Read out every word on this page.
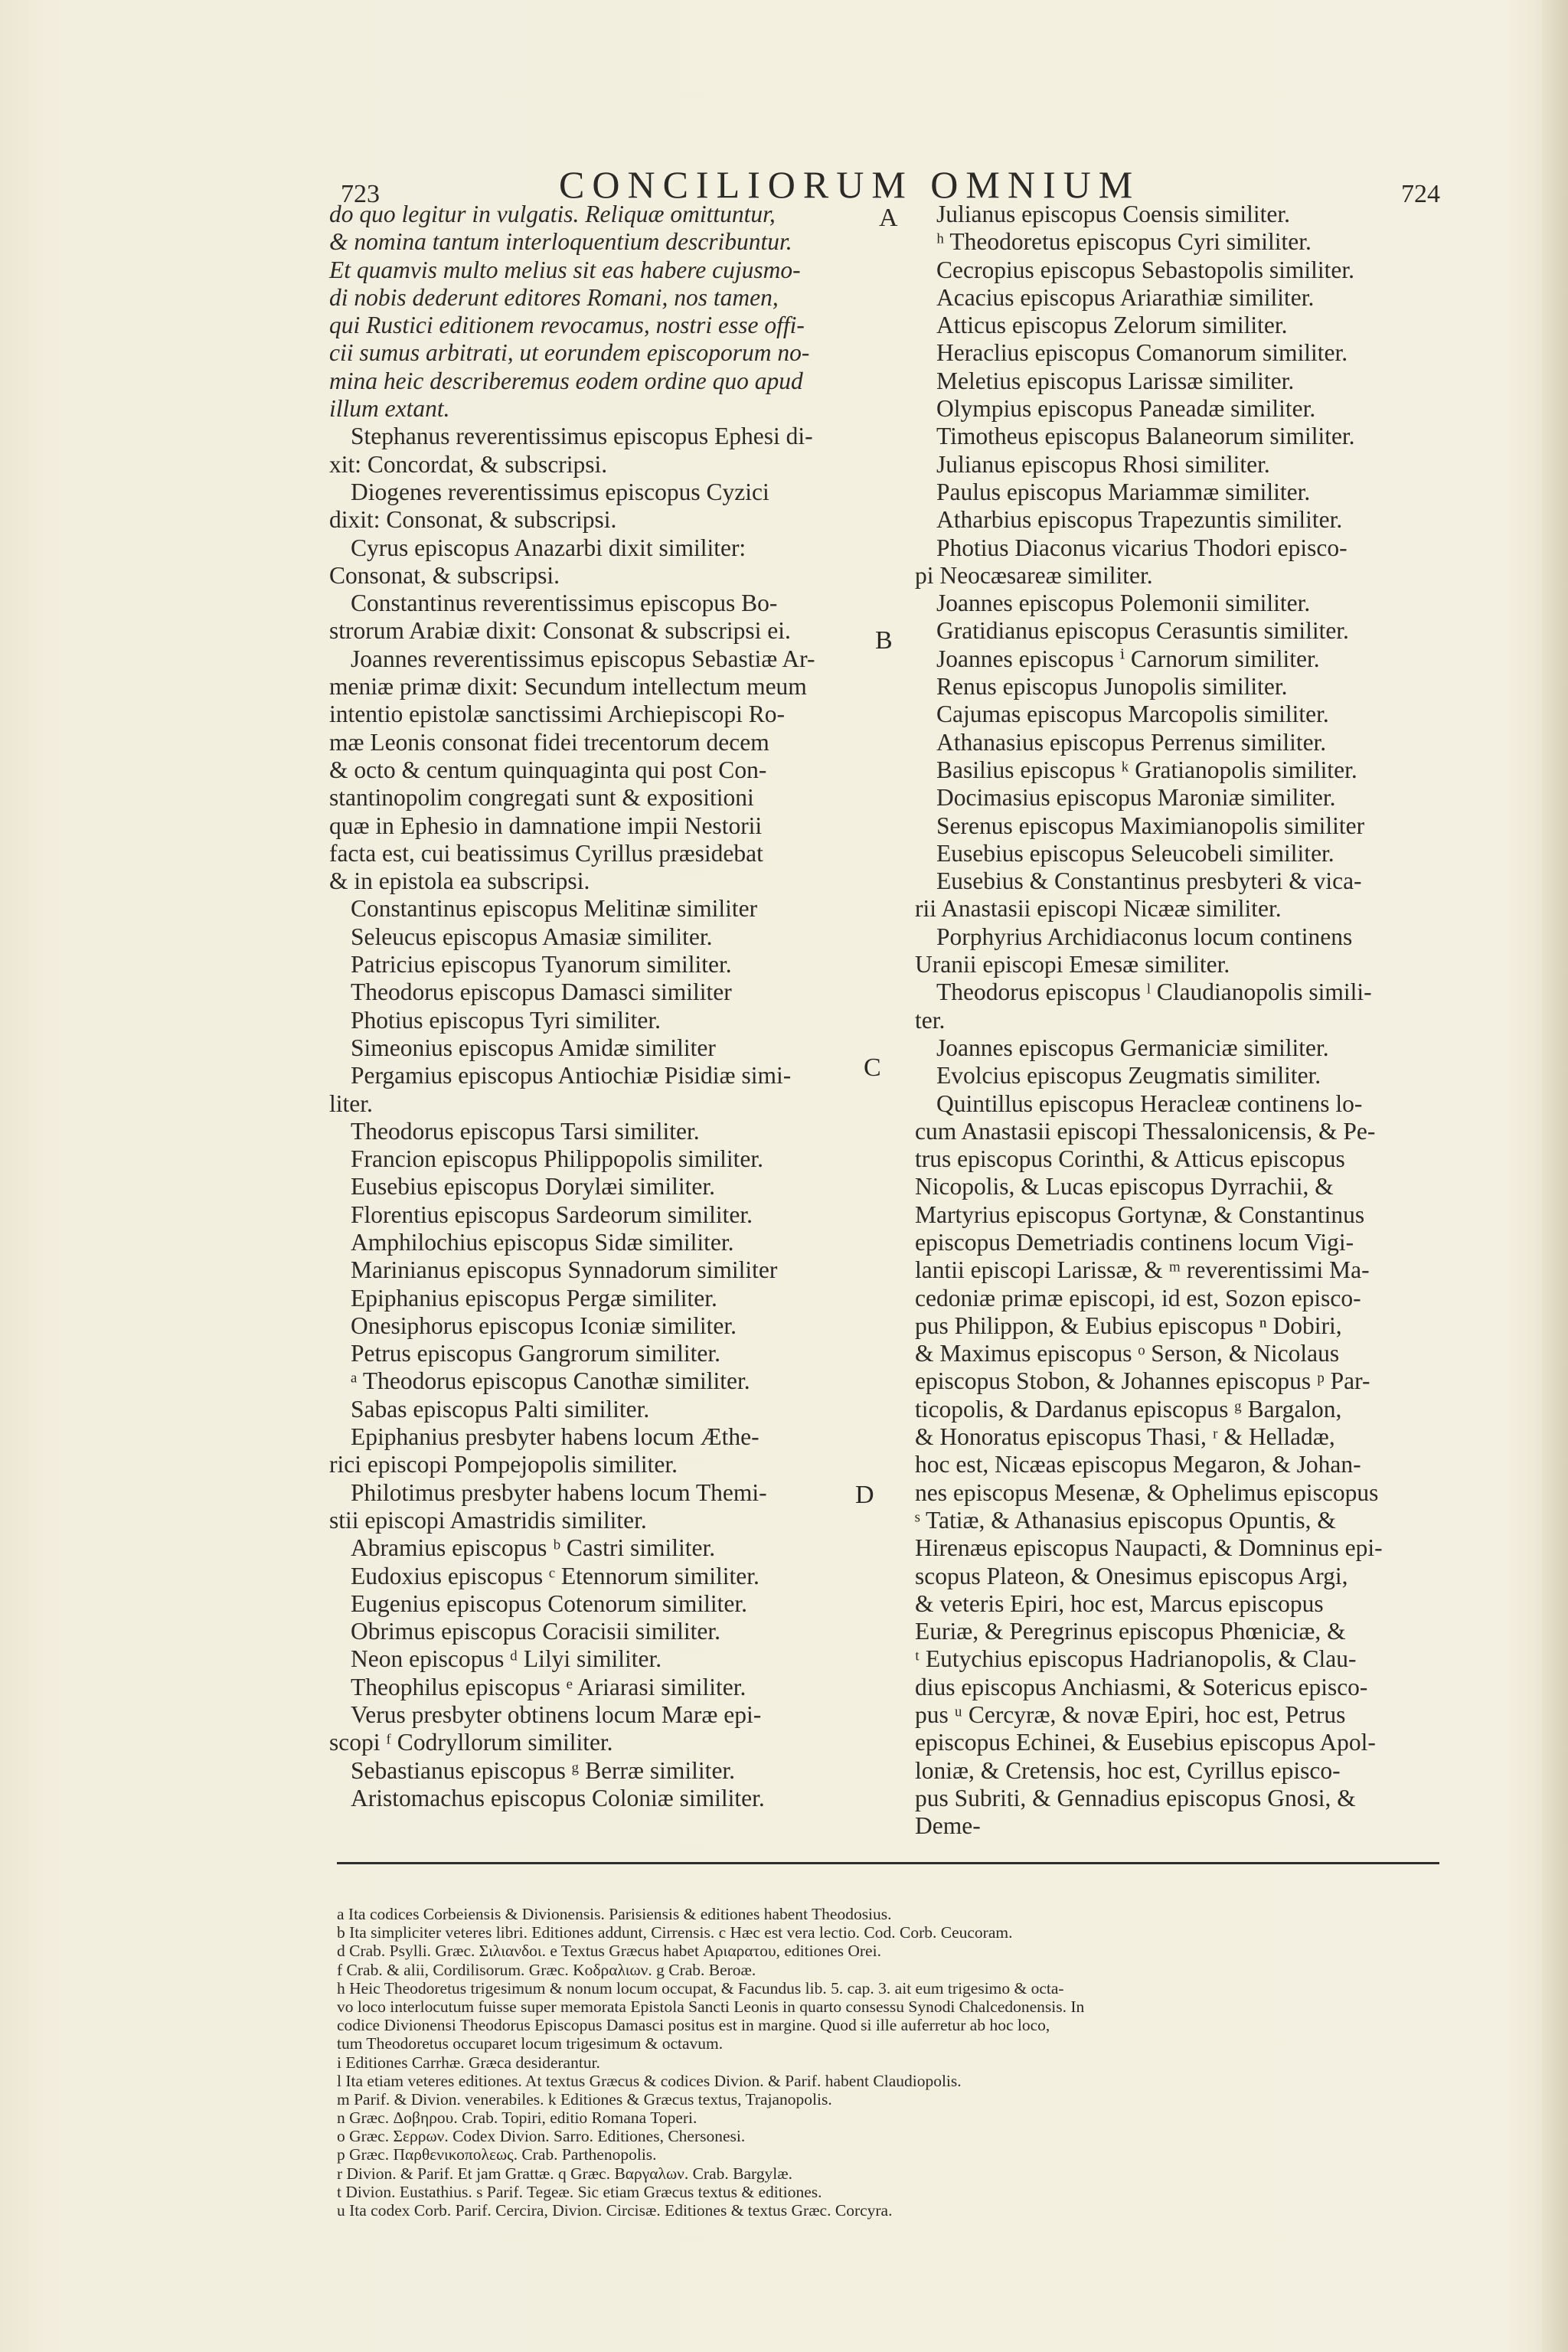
723	CONCILIORUM OMNIUM	724
do quo legitur in vulgatis. Reliquæ omittuntur,
& nomina tantum interloquentium describuntur.
Et quamvis multo melius sit eas habere cujusmo-
di nobis dederunt editores Romani, nos tamen,
qui Rustici editionem revocamus, nostri esse offi-
cii sumus arbitrati, ut eorundem episcoporum no-
mina heic describeremus eodem ordine quo apud
illum extant.
Stephanus reverentissimus episcopus Ephesi di-
xit: Concordat, & subscripsi.
Diogenes reverentissimus episcopus Cyzici
dixit: Consonat, & subscripsi.
Cyrus episcopus Anazarbi dixit similiter:
Consonat, & subscripsi.
Constantinus reverentissimus episcopus Bo-
strorum Arabiæ dixit: Consonat & subscripsi ei.
Joannes reverentissimus episcopus Sebastiæ Ar-
meniæ primæ dixit: Secundum intellectum meum
intentio epistolæ sanctissimi Archiepiscopi Ro-
mæ Leonis consonat fidei trecentorum decem
& octo & centum quinquaginta qui post Con-
stantinopolim congregati sunt & expositioni
quæ in Ephesio in damnatione impii Nestorii
facta est, cui beatissimus Cyrillus præsidebat
& in epistola ea subscripsi.
Constantinus episcopus Melitinæ similiter
Seleucus episcopus Amasiæ similiter.
Patricius episcopus Tyanorum similiter.
Theodorus episcopus Damasci similiter
Photius episcopus Tyri similiter.
Simeonius episcopus Amidæ similiter
Pergamius episcopus Antiochiæ Pisidiæ simi-
liter.
Theodorus episcopus Tarsi similiter.
Francion episcopus Philippopolis similiter.
Eusebius episcopus Dorylæi similiter.
Florentius episcopus Sardeorum similiter.
Amphilochius episcopus Sidæ similiter.
Marinianus episcopus Synnadorum similiter
Epiphanius episcopus Pergæ similiter.
Onesiphorus episcopus Iconiæ similiter.
Petrus episcopus Gangrorum similiter.
ᵃ Theodorus episcopus Canothæ similiter.
Sabas episcopus Palti similiter.
Epiphanius presbyter habens locum Æthe-
rici episcopi Pompejopolis similiter.
Philotimus presbyter habens locum Themi-
stii episcopi Amastridis similiter.
Abramius episcopus ᵇ Castri similiter.
Eudoxius episcopus ᶜ Etennorum similiter.
Eugenius episcopus Cotenorum similiter.
Obrimus episcopus Coracisii similiter.
Neon episcopus ᵈ Lilyi similiter.
Theophilus episcopus ᵉ Ariarasi similiter.
Verus presbyter obtinens locum Maræ epi-
scopi ᶠ Codryllorum similiter.
Sebastianus episcopus ᵍ Berræ similiter.
Aristomachus episcopus Coloniæ similiter.
Julianus episcopus Coensis similiter.
ʰ Theodoretus episcopus Cyri similiter.
Cecropius episcopus Sebastopolis similiter.
Acacius episcopus Ariarathiæ similiter.
Atticus episcopus Zelorum similiter.
Heraclius episcopus Comanorum similiter.
Meletius episcopus Larissæ similiter.
Olympius episcopus Paneadæ similiter.
Timotheus episcopus Balaneorum similiter.
Julianus episcopus Rhosi similiter.
Paulus episcopus Mariammæ similiter.
Atharbius episcopus Trapezuntis similiter.
Photius Diaconus vicarius Thodori episco-
pi Neocæsareæ similiter.
Joannes episcopus Polemonii similiter.
Gratidianus episcopus Cerasuntis similiter.
Joannes episcopus ⁱ Carnorum similiter.
Renus episcopus Junopolis similiter.
Cajumas episcopus Marcopolis similiter.
Athanasius episcopus Perrenus similiter.
Basilius episcopus ᵏ Gratianopolis similiter.
Docimasius episcopus Maroniæ similiter.
Serenus episcopus Maximianopolis similiter
Eusebius episcopus Seleucobeli similiter.
Eusebius & Constantinus presbyteri & vica-
rii Anastasii episcopi Nicææ similiter.
Porphyrius Archidiaconus locum continens
Uranii episcopi Emesæ similiter.
Theodorus episcopus ˡ Claudianopolis simili-
ter.
Joannes episcopus Germaniciæ similiter.
Evolcius episcopus Zeugmatis similiter.
Quintillus episcopus Heracleæ continens lo-
cum Anastasii episcopi Thessalonicensis, & Pe-
trus episcopus Corinthi, & Atticus episcopus
Nicopolis, & Lucas episcopus Dyrrachii, &
Martyrius episcopus Gortynæ, & Constantinus
episcopus Demetriadis continens locum Vigi-
lantii episcopi Larissæ, & ᵐ reverentissimi Ma-
cedoniæ primæ episcopi, id est, Sozon episco-
pus Philippon, & Eubius episcopus ⁿ Dobiri,
& Maximus episcopus ᵒ Serson, & Nicolaus
episcopus Stobon, & Johannes episcopus ᵖ Par-
ticopolis, & Dardanus episcopus ᵍ Bargalon,
& Honoratus episcopus Thasi, ʳ & Helladæ,
hoc est, Nicæas episcopus Megaron, & Johan-
nes episcopus Mesenæ, & Ophelimus episcopus
ˢ Tatiæ, & Athanasius episcopus Opuntis, &
Hirenæus episcopus Naupacti, & Domninus epi-
scopus Plateon, & Onesimus episcopus Argi,
& veteris Epiri, hoc est, Marcus episcopus
Euriæ, & Peregrinus episcopus Phœniciæ, &
ᵗ Eutychius episcopus Hadrianopolis, & Clau-
dius episcopus Anchiasmi, & Sotericus episco-
pus ᵘ Cercyræ, & novæ Epiri, hoc est, Petrus
episcopus Echinei, & Eusebius episcopus Apol-
loniæ, & Cretensis, hoc est, Cyrillus episco-
pus Subriti, & Gennadius episcopus Gnosi, &
Deme-
A
B
C
D
a Ita codices Corbeiensis & Divionensis. Parisiensis & editiones habent Theodosius.
b Ita simpliciter veteres libri. Editiones addunt, Cirrensis. c Hæc est vera lectio. Cod. Corb. Ceucoram.
d Crab. Psylli. Græc. Σιλιανδοι. e Textus Græcus habet Αριαρατου, editiones Orei.
f Crab. & alii, Cordilisorum. Græc. Κοδραλιων. g Crab. Beroæ.
h Heic Theodoretus trigesimum & nonum locum occupat, & Facundus lib. 5. cap. 3. ait eum trigesimo & octa-
vo loco interlocutum fuisse super memorata Epistola Sancti Leonis in quarto consessu Synodi Chalcedonensis. In
codice Divionensi Theodorus Episcopus Damasci positus est in margine. Quod si ille auferretur ab hoc loco,
tum Theodoretus occuparet locum trigesimum & octavum.
i Editiones Carrhæ. Græca desiderantur.
l Ita etiam veteres editiones. At textus Græcus & codices Divion. & Parif. habent Claudiopolis.
m Parif. & Divion. venerabiles. k Editiones & Græcus textus, Trajanopolis.
n Græc. Δοβηρου. Crab. Topiri, editio Romana Toperi.
o Græc. Σερρων. Codex Divion. Sarro. Editiones, Chersonesi.
p Græc. Παρθενικοπολεως. Crab. Parthenopolis.
r Divion. & Parif. Et jam Grattæ. q Græc. Βαργαλων. Crab. Bargylæ.
t Divion. Eustathius. s Parif. Tegeæ. Sic etiam Græcus textus & editiones.
u Ita codex Corb. Parif. Cercira, Divion. Circisæ. Editiones & textus Græc. Corcyra.
